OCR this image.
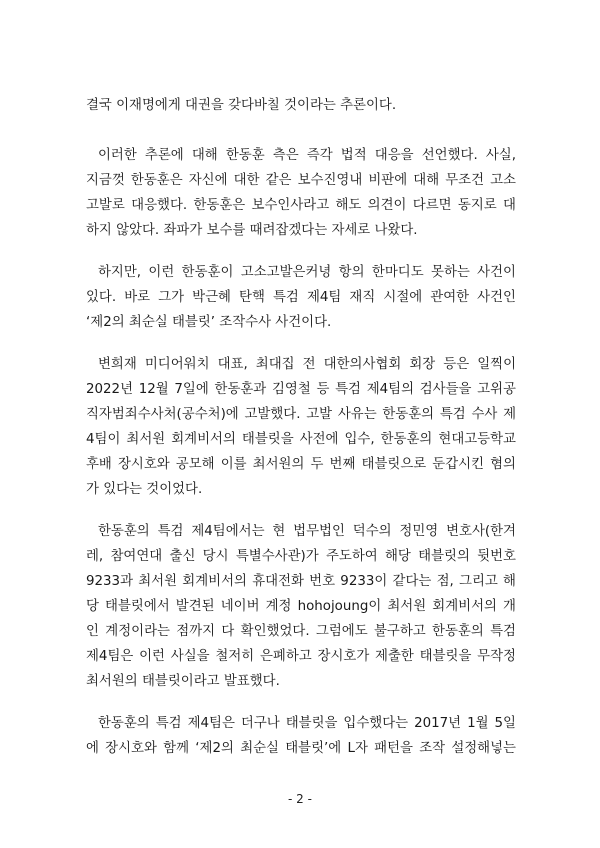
결국 이재명에게 대권을 갖다바칠 것이라는 추론이다.
이러한 추론에 대해 한동훈 측은 즉각 법적 대응을 선언했다. 사실,
지금껏 한동훈은 자신에 대한 같은 보수진영내 비판에 대해 무조건 고소
고발로 대응했다. 한동훈은 보수인사라고 해도 의견이 다르면 동지로 대
하지 않았다. 좌파가 보수를 때려잡겠다는 자세로 나왔다.
하지만, 이런 한동훈이 고소고발은커녕 항의 한마디도 못하는 사건이
있다. 바로 그가 박근혜 탄핵 특검 제4팀 재직 시절에 관여한 사건인
‘제2의 최순실 태블릿’ 조작수사 사건이다.
변희재 미디어워치 대표, 최대집 전 대한의사협회 회장 등은 일찍이
2022년 12월 7일에 한동훈과 김영철 등 특검 제4팀의 검사들을 고위공
직자범죄수사처(공수처)에 고발했다. 고발 사유는 한동훈의 특검 수사 제
4팀이 최서원 회계비서의 태블릿을 사전에 입수, 한동훈의 현대고등학교
후배 장시호와 공모해 이를 최서원의 두 번째 태블릿으로 둔갑시킨 혐의
가 있다는 것이었다.
한동훈의 특검 제4팀에서는 현 법무법인 덕수의 정민영 변호사(한겨
레, 참여연대 출신 당시 특별수사관)가 주도하여 해당 태블릿의 뒷번호
9233과 최서원 회계비서의 휴대전화 번호 9233이 같다는 점, 그리고 해
당 태블릿에서 발견된 네이버 계정 hohojoung이 최서원 회계비서의 개
인 계정이라는 점까지 다 확인했었다. 그럼에도 불구하고 한동훈의 특검
제4팀은 이런 사실을 철저히 은폐하고 장시호가 제출한 태블릿을 무작정
최서원의 태블릿이라고 발표했다.
한동훈의 특검 제4팀은 더구나 태블릿을 입수했다는 2017년 1월 5일
에 장시호와 함께 ‘제2의 최순실 태블릿’에 L자 패턴을 조작 설정해넣는
- 2 -
